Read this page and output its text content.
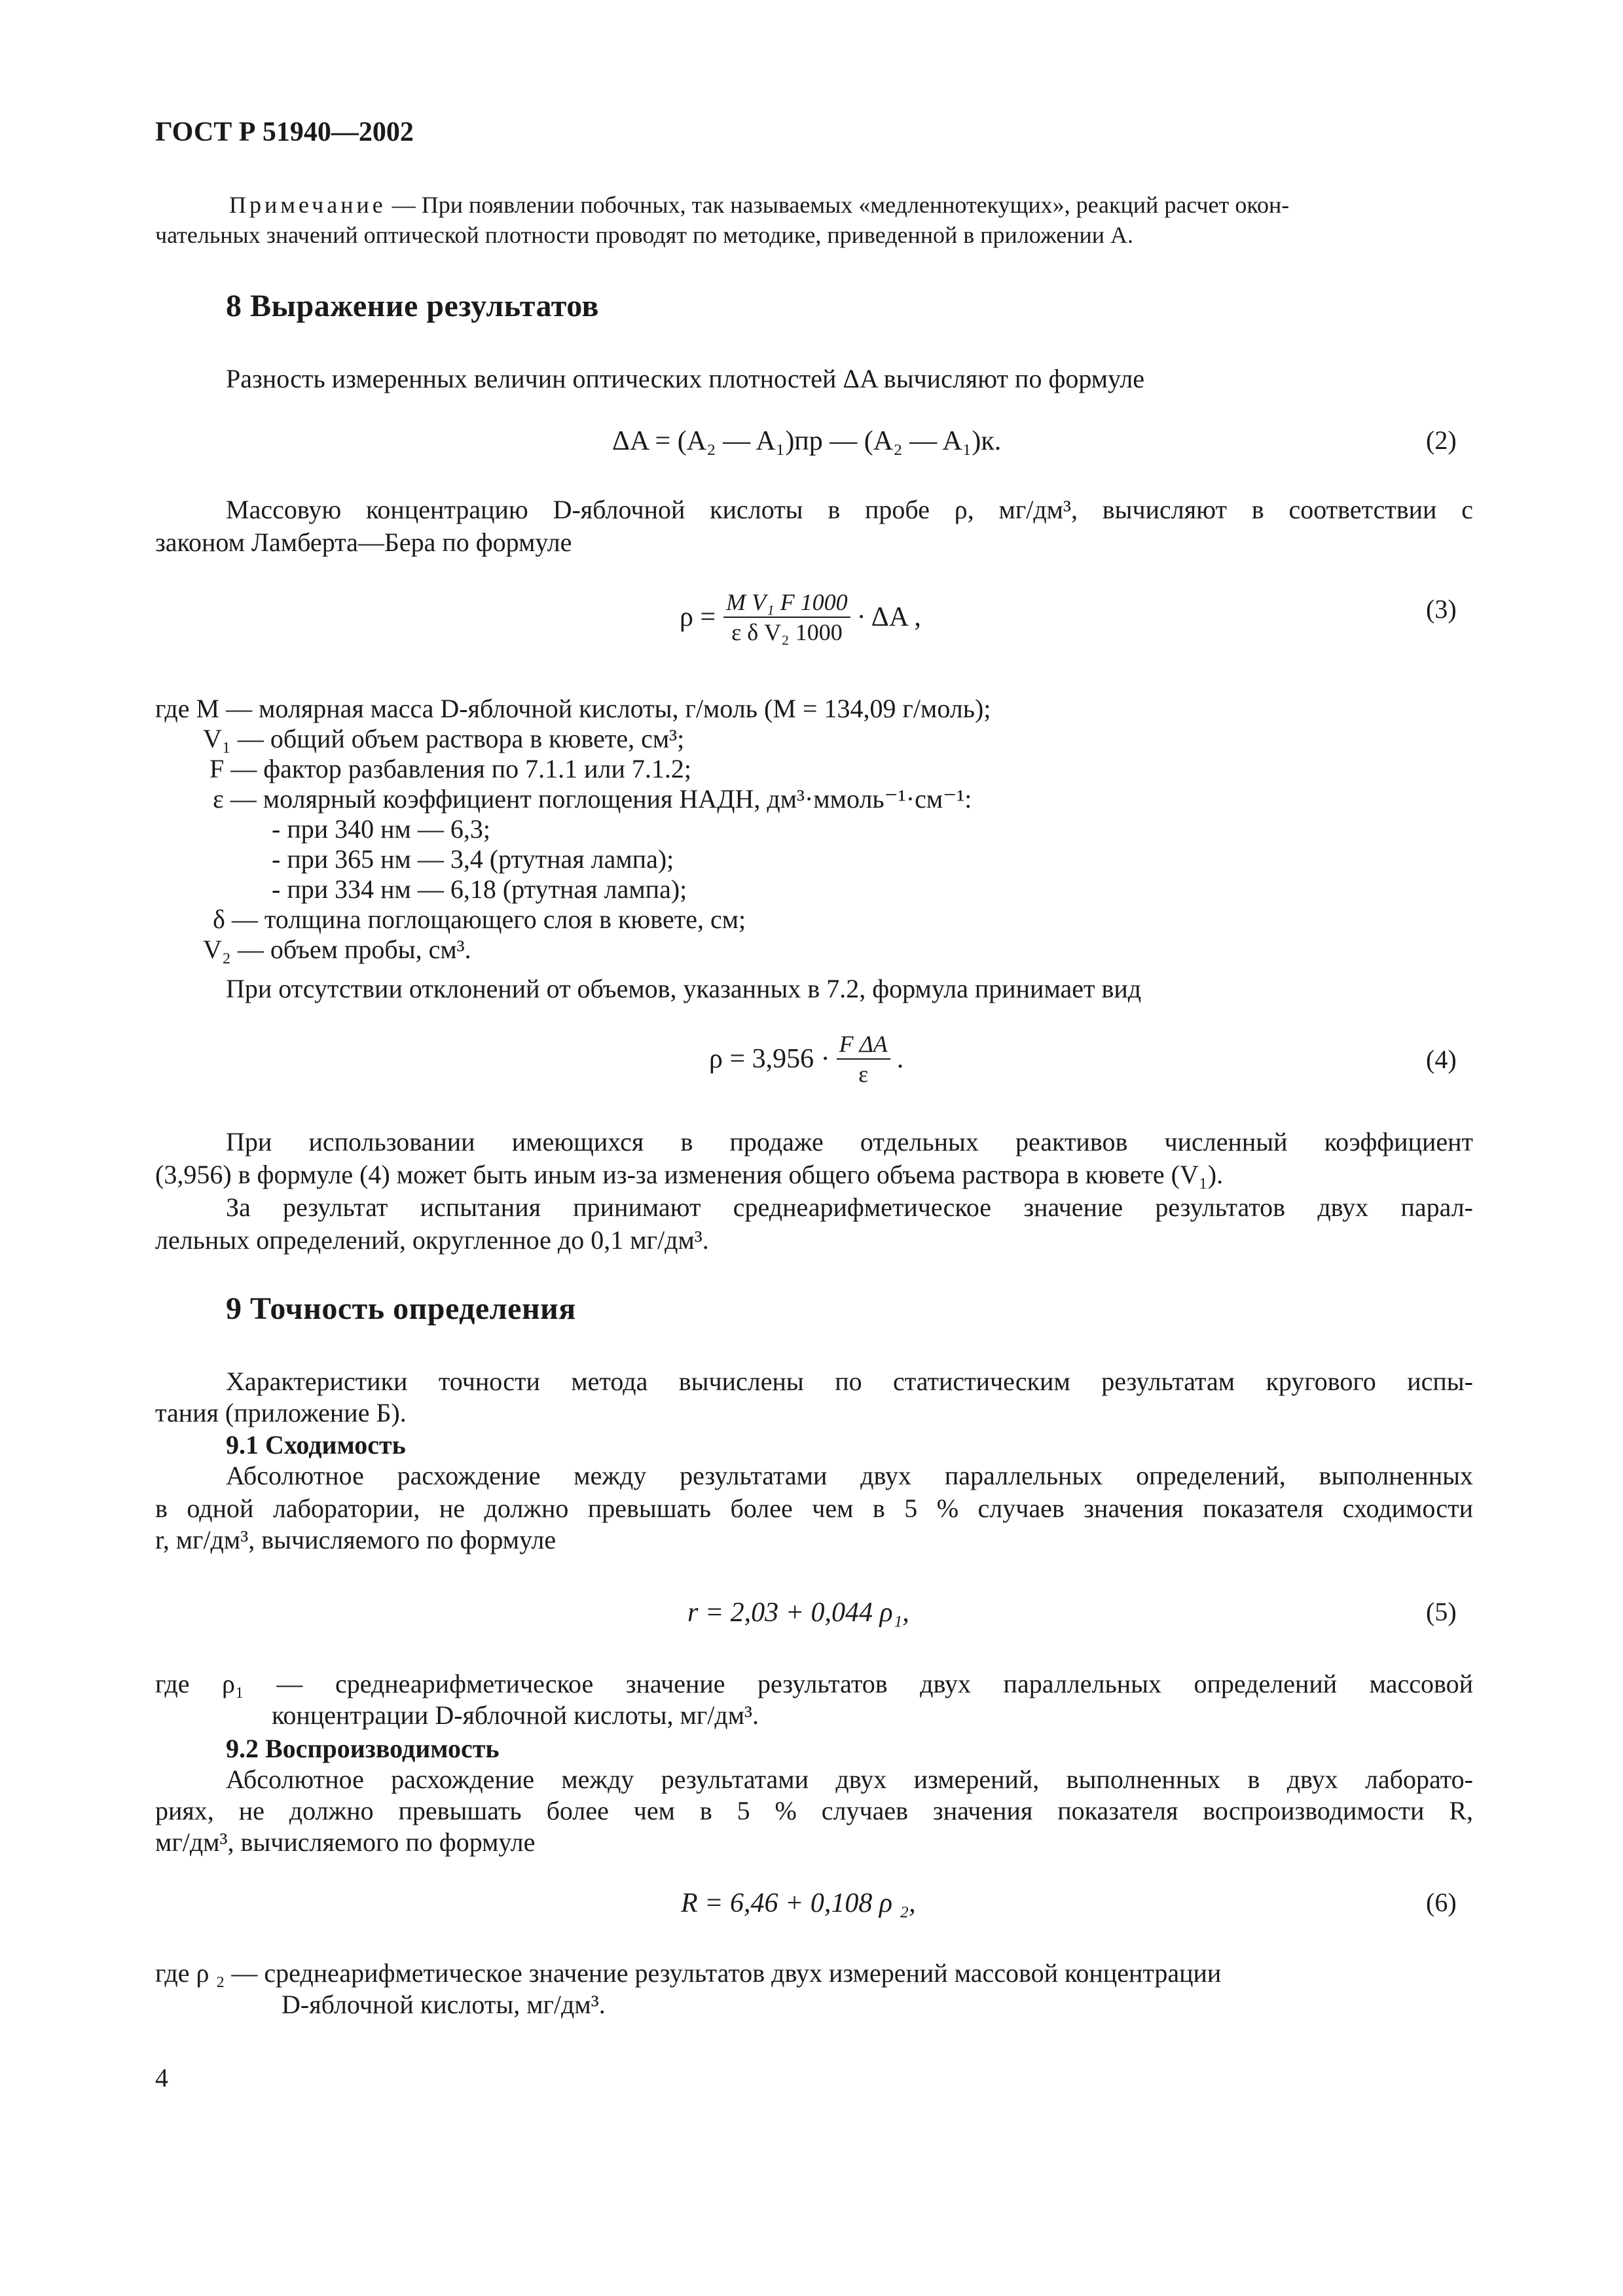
ГОСТ Р 51940—2002
Примечание — При появлении побочных, так называемых «медленнотекущих», реакций расчет окон-
чательных значений оптической плотности проводят по методике, приведенной в приложении А.
8 Выражение результатов
Разность измеренных величин оптических плотностей ΔA вычисляют по формуле
ΔA = (A₂ — A₁)пр — (A₂ — A₁)к.	(2)
Массовую концентрацию D-яблочной кислоты в пробе ρ, мг/дм³, вычисляют в соответствии с
законом Ламберта—Бера по формуле
$\rho = \frac{\text{M V₁ F 1000}}{\text{ε δ V₂ 1000}} \cdot \Delta A$ ,	(3)
где M — молярная масса D-яблочной кислоты, г/моль (M = 134,09 г/моль);
V₁ — общий объем раствора в кювете, см³;
F — фактор разбавления по 7.1.1 или 7.1.2;
ε — молярный коэффициент поглощения НАДН, дм³·ммоль⁻¹·см⁻¹:
- при 340 нм — 6,3;
- при 365 нм — 3,4 (ртутная лампа);
- при 334 нм — 6,18 (ртутная лампа);
δ — толщина поглощающего слоя в кювете, см;
V₂ — объем пробы, см³.
При отсутствии отклонений от объемов, указанных в 7.2, формула принимает вид
$\rho = 3,956 \cdot \frac{\text{F ΔA}}{\varepsilon}$ .	(4)
При использовании имеющихся в продаже отдельных реактивов численный коэффициент
(3,956) в формуле (4) может быть иным из-за изменения общего объема раствора в кювете (V₁).
За результат испытания принимают среднеарифметическое значение результатов двух парал-
лельных определений, округленное до 0,1 мг/дм³.
9 Точность определения
Характеристики точности метода вычислены по статистическим результатам кругового испы-
тания (приложение Б).
9.1 Сходимость
Абсолютное расхождение между результатами двух параллельных определений, выполненных
в одной лаборатории, не должно превышать более чем в 5 % случаев значения показателя сходимости
r, мг/дм³, вычисляемого по формуле
r = 2,03 + 0,044 ρ₁,	(5)
где ρ₁ — среднеарифметическое значение результатов двух параллельных определений массовой
концентрации D-яблочной кислоты, мг/дм³.
9.2 Воспроизводимость
Абсолютное расхождение между результатами двух измерений, выполненных в двух лаборато-
риях, не должно превышать более чем в 5 % случаев значения показателя воспроизводимости R,
мг/дм³, вычисляемого по формуле
R = 6,46 + 0,108 ρ ₂,	(6)
где ρ ₂ — среднеарифметическое значение результатов двух измерений массовой концентрации
D-яблочной кислоты, мг/дм³.
4
